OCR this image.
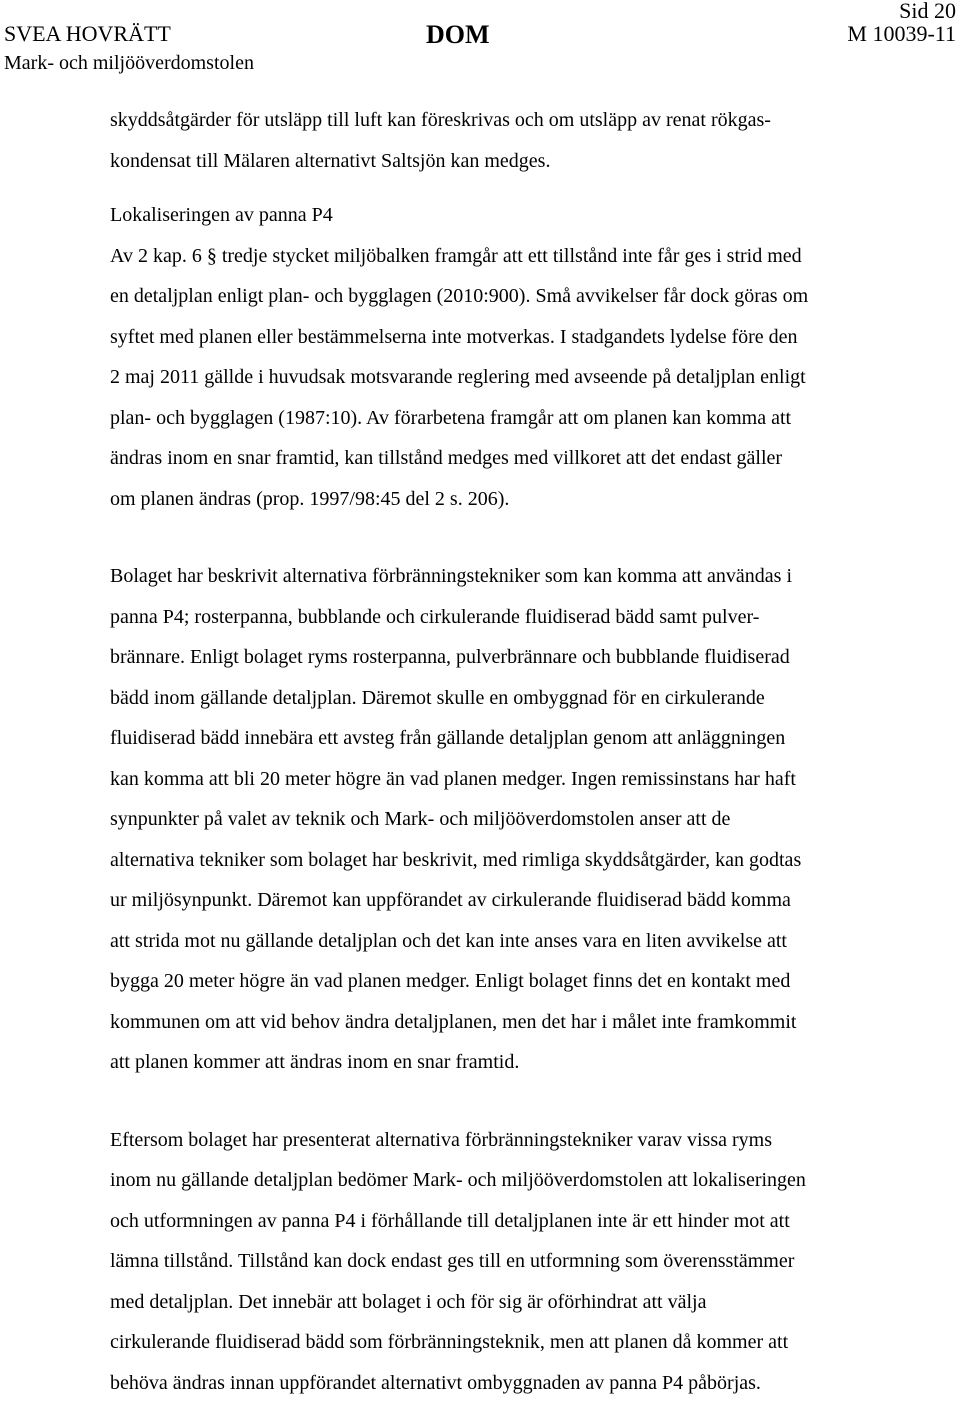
SVEA HOVRÄTT
Mark- och miljööverdomstolen
DOM
Sid 20
M 10039-11

skyddsåtgärder för utsläpp till luft kan föreskrivas och om utsläpp av renat rökgas-
kondensat till Mälaren alternativt Saltsjön kan medges.

Lokaliseringen av panna P4

Av 2 kap. 6 § tredje stycket miljöbalken framgår att ett tillstånd inte får ges i strid med
en detaljplan enligt plan- och bygglagen (2010:900). Små avvikelser får dock göras om
syftet med planen eller bestämmelserna inte motverkas. I stadgandets lydelse före den
2 maj 2011 gällde i huvudsak motsvarande reglering med avseende på detaljplan enligt
plan- och bygglagen (1987:10). Av förarbetena framgår att om planen kan komma att
ändras inom en snar framtid, kan tillstånd medges med villkoret att det endast gäller
om planen ändras (prop. 1997/98:45 del 2 s. 206).

Bolaget har beskrivit alternativa förbränningstekniker som kan komma att användas i
panna P4; rosterpanna, bubblande och cirkulerande fluidiserad bädd samt pulver-
brännare. Enligt bolaget ryms rosterpanna, pulverbrännare och bubblande fluidiserad
bädd inom gällande detaljplan. Däremot skulle en ombyggnad för en cirkulerande
fluidiserad bädd innebära ett avsteg från gällande detaljplan genom att anläggningen
kan komma att bli 20 meter högre än vad planen medger. Ingen remissinstans har haft
synpunkter på valet av teknik och Mark- och miljööverdomstolen anser att de
alternativa tekniker som bolaget har beskrivit, med rimliga skyddsåtgärder, kan godtas
ur miljösynpunkt. Däremot kan uppförandet av cirkulerande fluidiserad bädd komma
att strida mot nu gällande detaljplan och det kan inte anses vara en liten avvikelse att
bygga 20 meter högre än vad planen medger. Enligt bolaget finns det en kontakt med
kommunen om att vid behov ändra detaljplanen, men det har i målet inte framkommit
att planen kommer att ändras inom en snar framtid.

Eftersom bolaget har presenterat alternativa förbränningstekniker varav vissa ryms
inom nu gällande detaljplan bedömer Mark- och miljööverdomstolen att lokaliseringen
och utformningen av panna P4 i förhållande till detaljplanen inte är ett hinder mot att
lämna tillstånd. Tillstånd kan dock endast ges till en utformning som överensstämmer
med detaljplan. Det innebär att bolaget i och för sig är oförhindrat att välja
cirkulerande fluidiserad bädd som förbränningsteknik, men att planen då kommer att
behöva ändras innan uppförandet alternativt ombyggnaden av panna P4 påbörjas.
